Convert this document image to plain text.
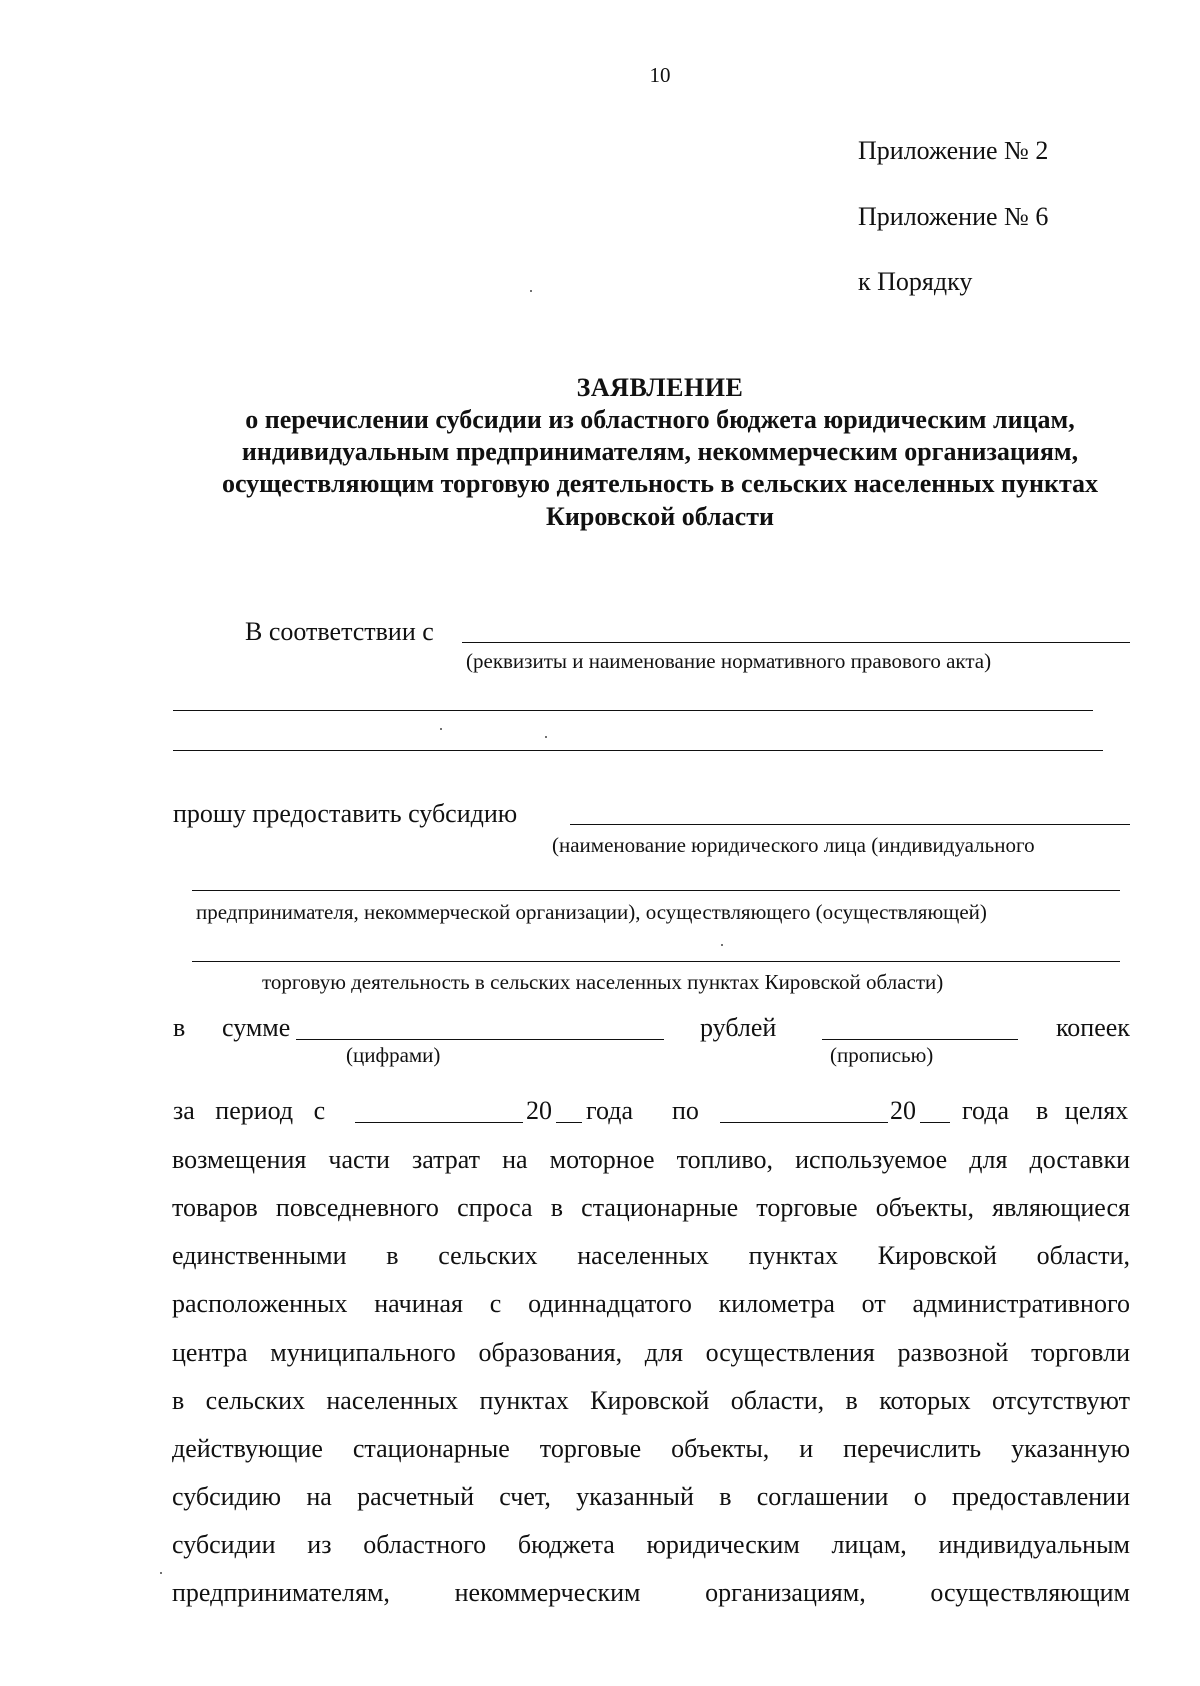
10
Приложение № 2
Приложение № 6
к Порядку
ЗАЯВЛЕНИЕ
о перечислении субсидии из областного бюджета юридическим лицам,
индивидуальным предпринимателям, некоммерческим организациям,
осуществляющим торговую деятельность в сельских населенных пунктах
Кировской области
В соответствии с
(реквизиты и наименование нормативного правового акта)
прошу предоставить субсидию
(наименование юридического лица (индивидуального
предпринимателя, некоммерческой организации), осуществляющего (осуществляющей)
торговую деятельность в сельских населенных пунктах Кировской области)
в сумме	рублей	копеек
(цифрами)	(прописью)
за период с	20 года по	20 года в целях
возмещения части затрат на моторное топливо, используемое для доставки
товаров повседневного спроса в стационарные торговые объекты, являющиеся
единственными в сельских населенных пунктах Кировской области,
расположенных начиная с одиннадцатого километра от административного
центра муниципального образования, для осуществления развозной торговли
в сельских населенных пунктах Кировской области, в которых отсутствуют
действующие стационарные торговые объекты, и перечислить указанную
субсидию на расчетный счет, указанный в соглашении о предоставлении
субсидии из областного бюджета юридическим лицам, индивидуальным
предпринимателям, некоммерческим организациям, осуществляющим
